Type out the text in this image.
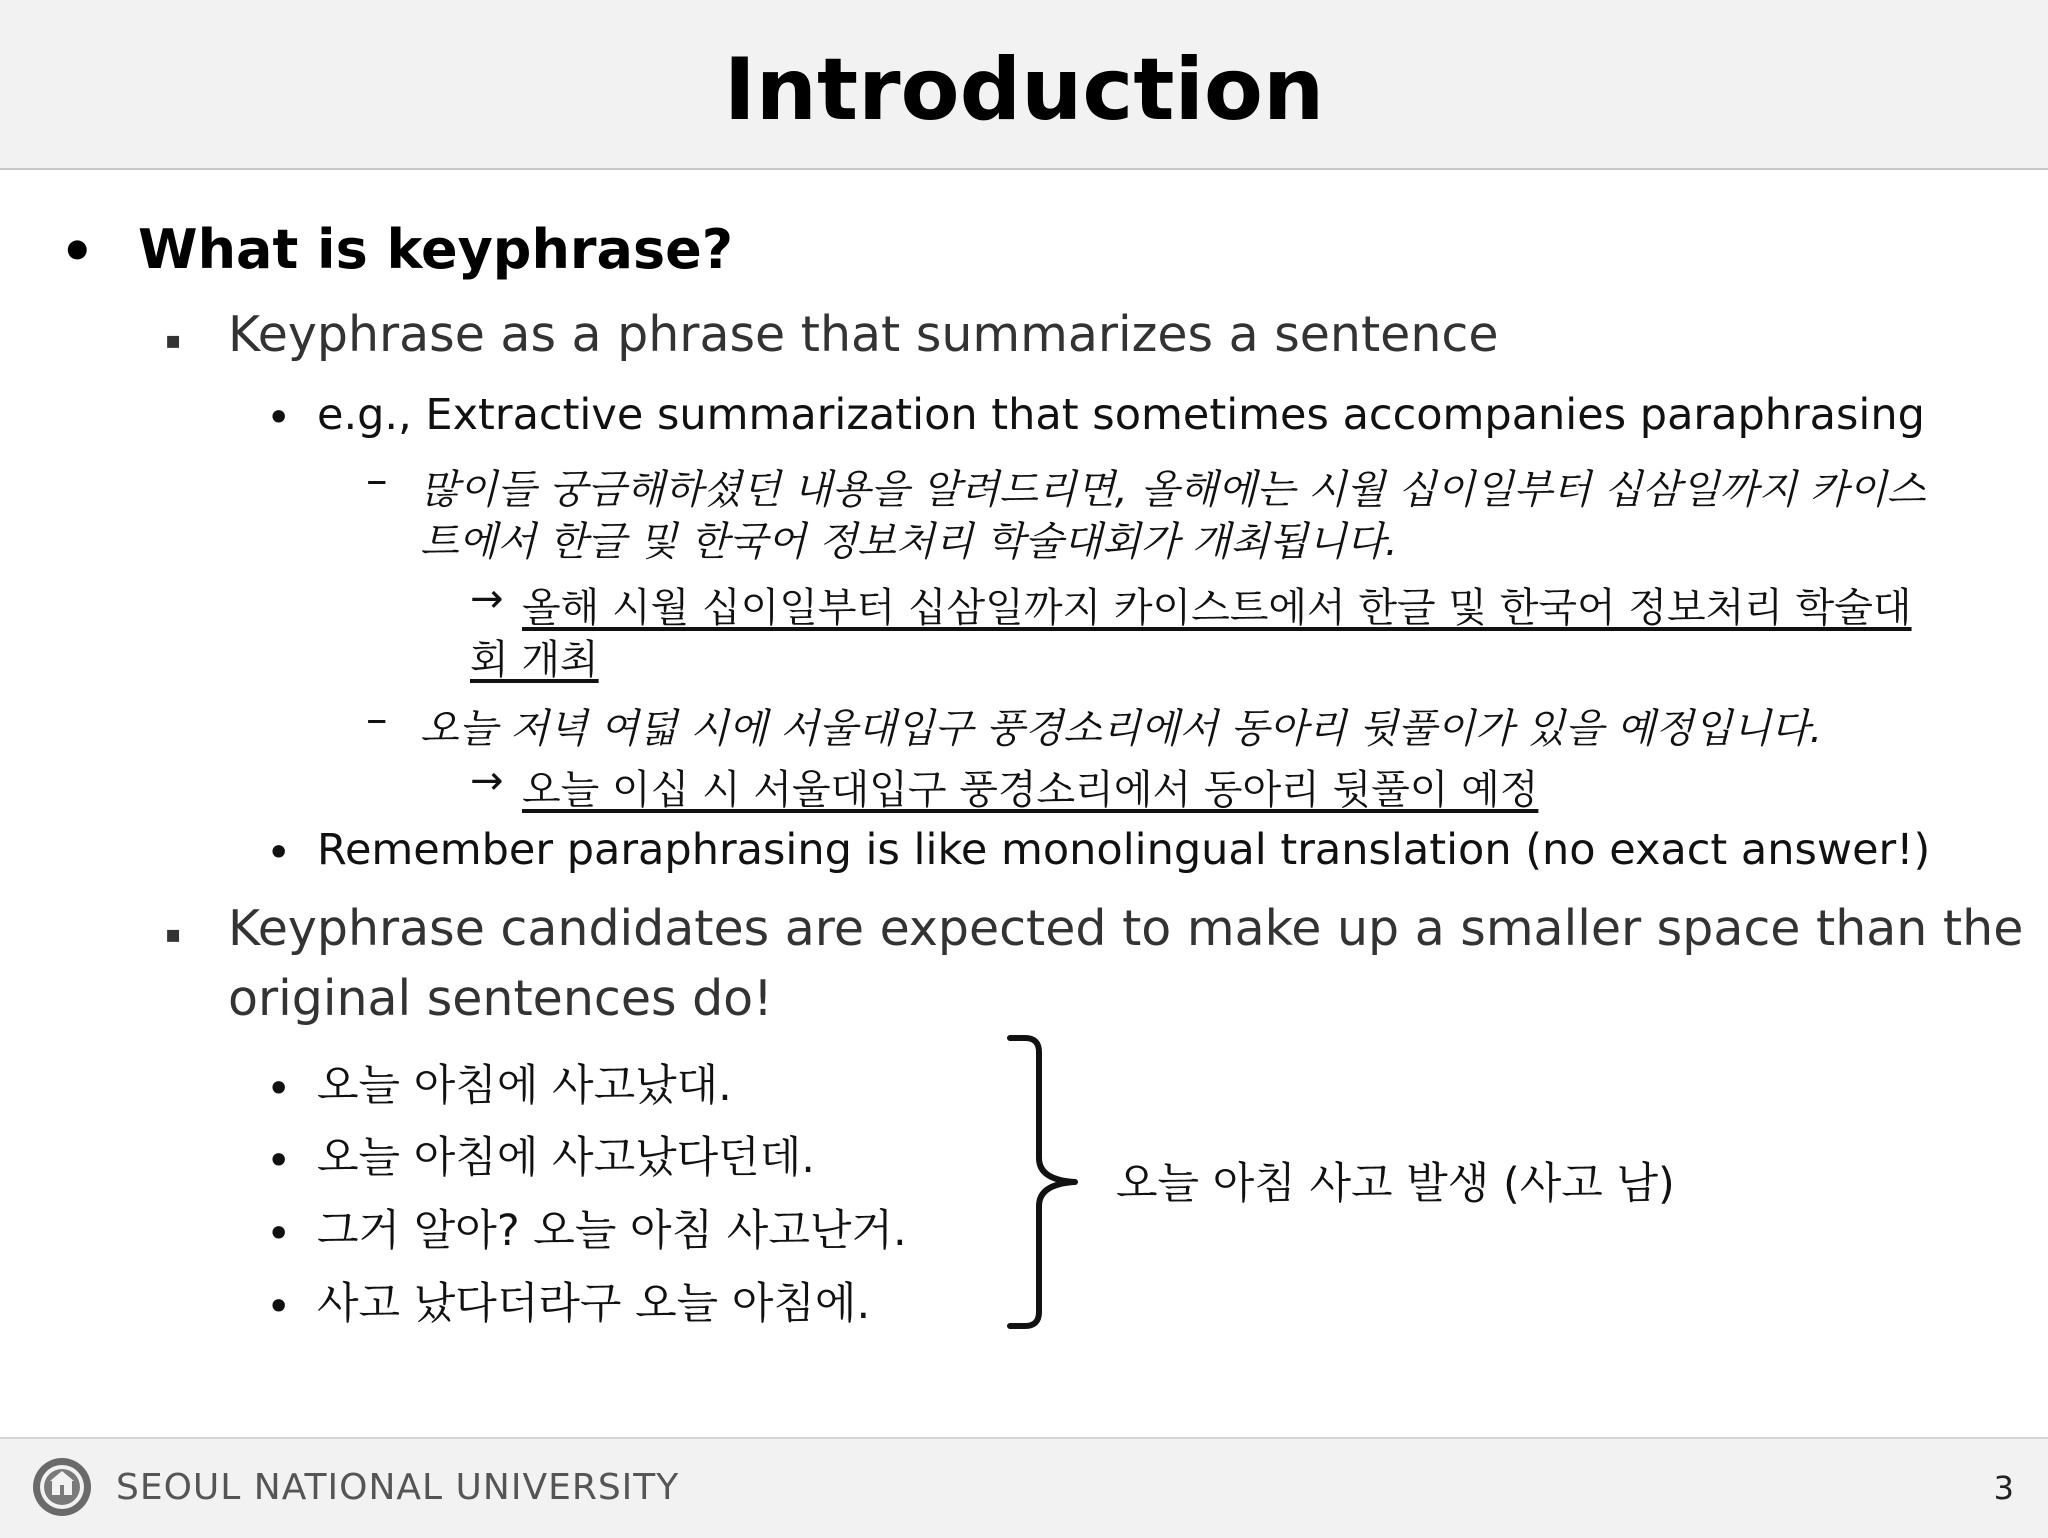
Introduction
• What is keyphrase?
▪ Keyphrase as a phrase that summarizes a sentence
• e.g., Extractive summarization that sometimes accompanies paraphrasing
– 많이들 궁금해하셨던 내용을 알려드리면, 올해에는 시월 십이일부터 십삼일까지 카이스
트에서 한글 및 한국어 정보처리 학술대회가 개최됩니다.
→ 올해 시월 십이일부터 십삼일까지 카이스트에서 한글 및 한국어 정보처리 학술대
회 개최
– 오늘 저녁 여덟 시에 서울대입구 풍경소리에서 동아리 뒷풀이가 있을 예정입니다.
→ 오늘 이십 시 서울대입구 풍경소리에서 동아리 뒷풀이 예정
• Remember paraphrasing is like monolingual translation (no exact answer!)
▪ Keyphrase candidates are expected to make up a smaller space than the
original sentences do!
• 오늘 아침에 사고났대.
• 오늘 아침에 사고났다던데.
• 그거 알아? 오늘 아침 사고난거.
• 사고 났다더라구 오늘 아침에.
오늘 아침 사고 발생 (사고 남)
SEOUL NATIONAL UNIVERSITY	3
